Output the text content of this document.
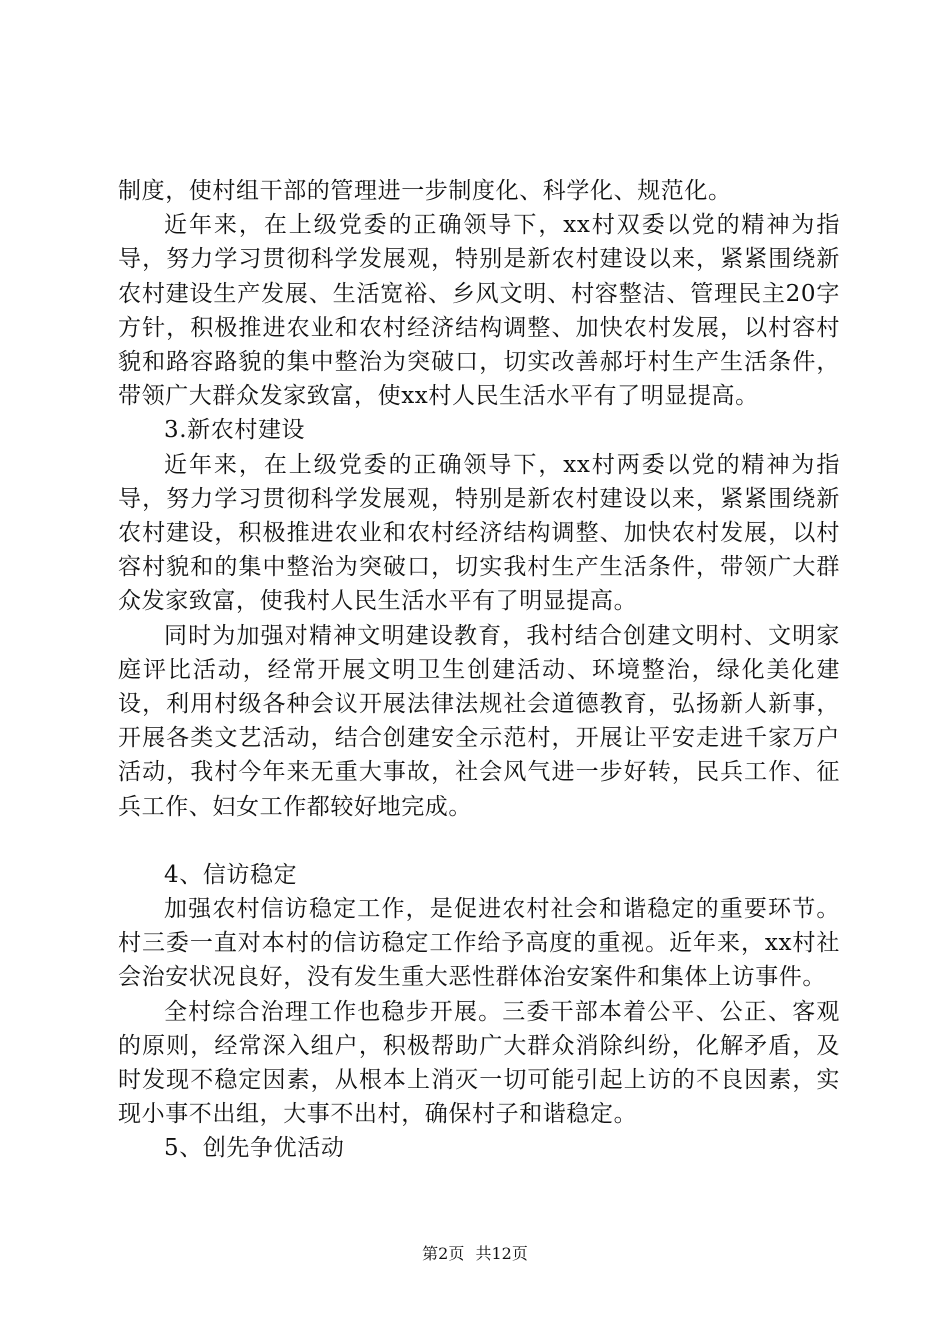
制度，使村组干部的管理进一步制度化、科学化、规范化。

近年来，在上级党委的正确领导下，xx村双委以党的精神为指导，努力学习贯彻科学发展观，特别是新农村建设以来，紧紧围绕新农村建设生产发展、生活宽裕、乡风文明、村容整洁、管理民主20字方针，积极推进农业和农村经济结构调整、加快农村发展，以村容村貌和路容路貌的集中整治为突破口，切实改善郝圩村生产生活条件，带领广大群众发家致富，使xx村人民生活水平有了明显提高。

3.新农村建设

近年来，在上级党委的正确领导下，xx村两委以党的精神为指导，努力学习贯彻科学发展观，特别是新农村建设以来，紧紧围绕新农村建设，积极推进农业和农村经济结构调整、加快农村发展，以村容村貌和的集中整治为突破口，切实我村生产生活条件，带领广大群众发家致富，使我村人民生活水平有了明显提高。

同时为加强对精神文明建设教育，我村结合创建文明村、文明家庭评比活动，经常开展文明卫生创建活动、环境整治，绿化美化建设，利用村级各种会议开展法律法规社会道德教育，弘扬新人新事，开展各类文艺活动，结合创建安全示范村，开展让平安走进千家万户活动，我村今年来无重大事故，社会风气进一步好转，民兵工作、征兵工作、妇女工作都较好地完成。

4、信访稳定

加强农村信访稳定工作，是促进农村社会和谐稳定的重要环节。村三委一直对本村的信访稳定工作给予高度的重视。近年来，xx村社会治安状况良好，没有发生重大恶性群体治安案件和集体上访事件。

全村综合治理工作也稳步开展。三委干部本着公平、公正、客观的原则，经常深入组户，积极帮助广大群众消除纠纷，化解矛盾，及时发现不稳定因素，从根本上消灭一切可能引起上访的不良因素，实现小事不出组，大事不出村，确保村子和谐稳定。

5、创先争优活动

第2页 共12页
